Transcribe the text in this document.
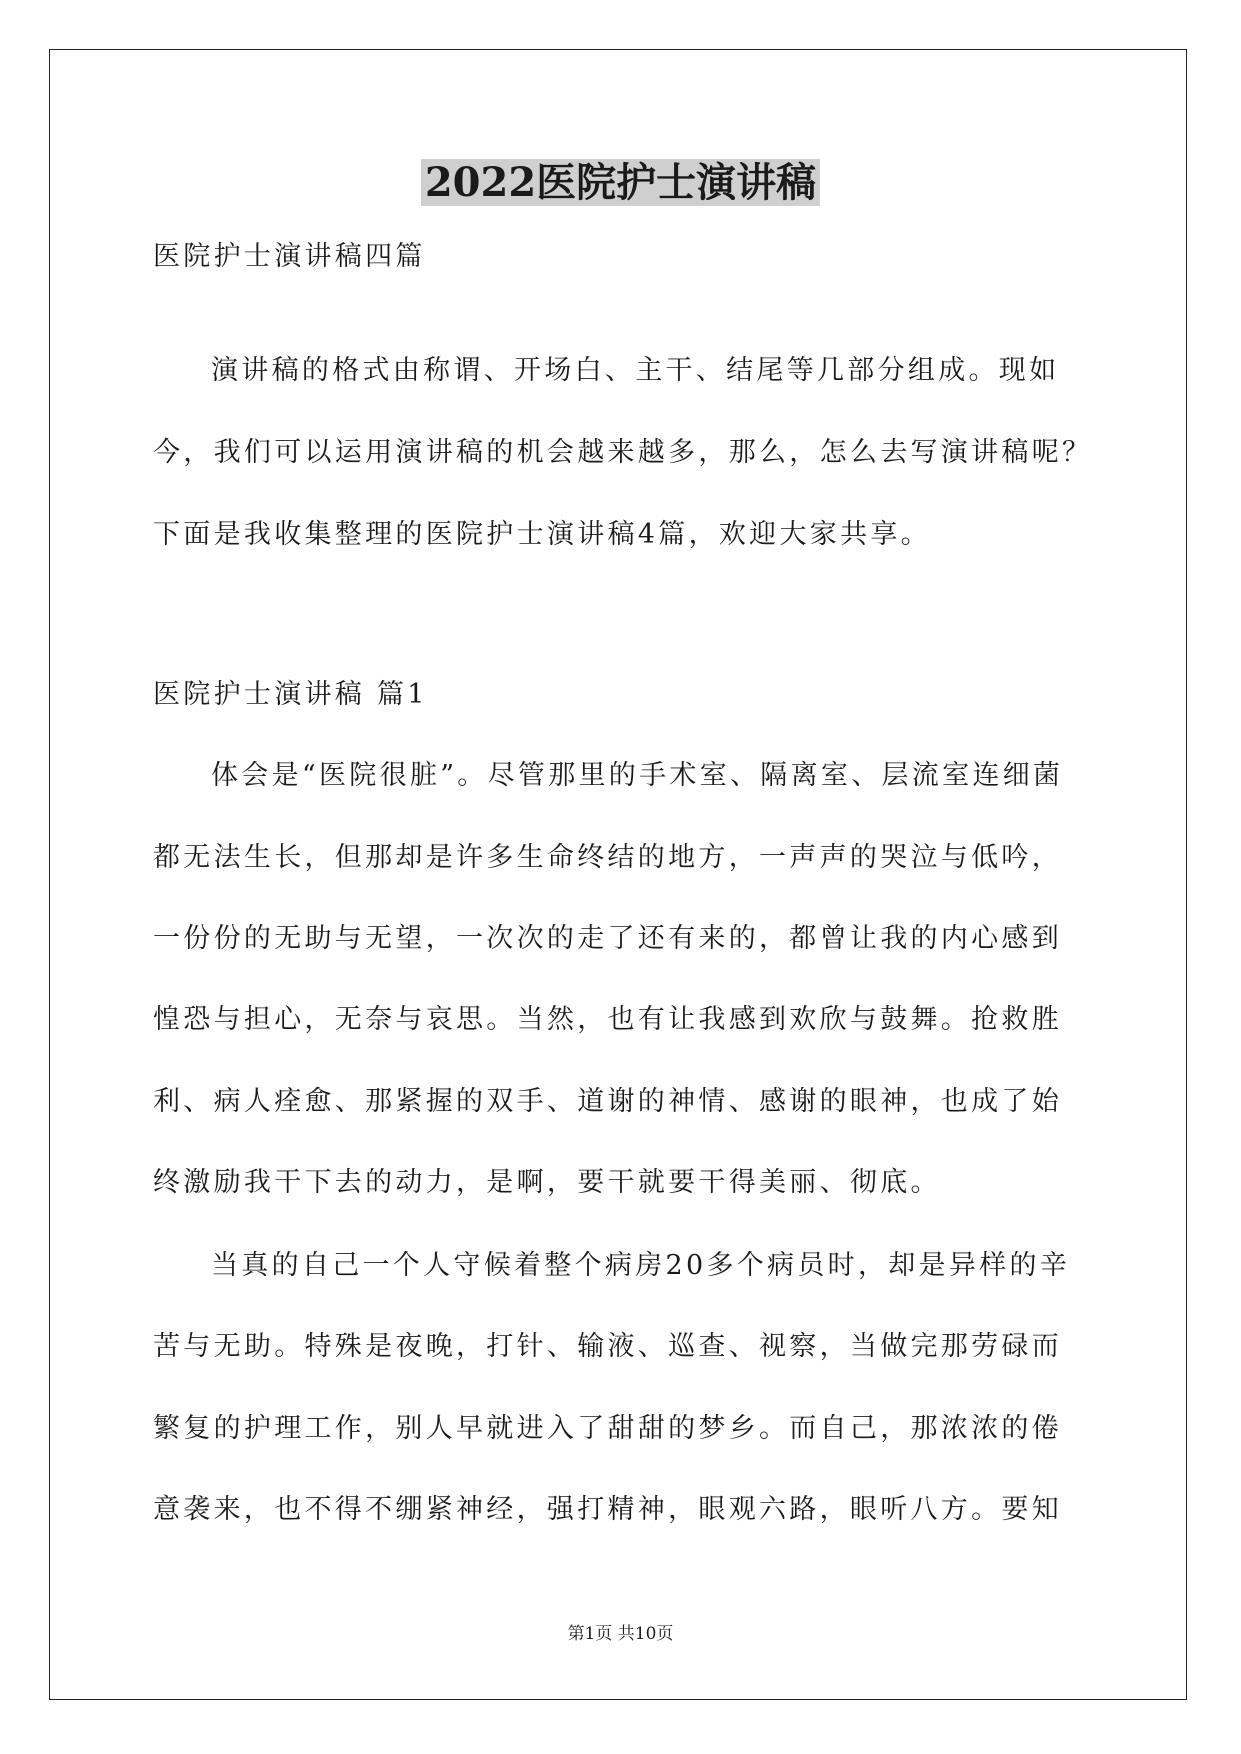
2022医院护士演讲稿
医院护士演讲稿四篇
演讲稿的格式由称谓、开场白、主干、结尾等几部分组成。现如
今，我们可以运用演讲稿的机会越来越多，那么，怎么去写演讲稿呢？
下面是我收集整理的医院护士演讲稿4篇，欢迎大家共享。
医院护士演讲稿 篇1
体会是“医院很脏”。尽管那里的手术室、隔离室、层流室连细菌
都无法生长，但那却是许多生命终结的地方，一声声的哭泣与低吟，
一份份的无助与无望，一次次的走了还有来的，都曾让我的内心感到
惶恐与担心，无奈与哀思。当然，也有让我感到欢欣与鼓舞。抢救胜
利、病人痊愈、那紧握的双手、道谢的神情、感谢的眼神，也成了始
终激励我干下去的动力，是啊，要干就要干得美丽、彻底。
当真的自己一个人守候着整个病房20多个病员时，却是异样的辛
苦与无助。特殊是夜晚，打针、输液、巡查、视察，当做完那劳碌而
繁复的护理工作，别人早就进入了甜甜的梦乡。而自己，那浓浓的倦
意袭来，也不得不绷紧神经，强打精神，眼观六路，眼听八方。要知
第1页 共10页
